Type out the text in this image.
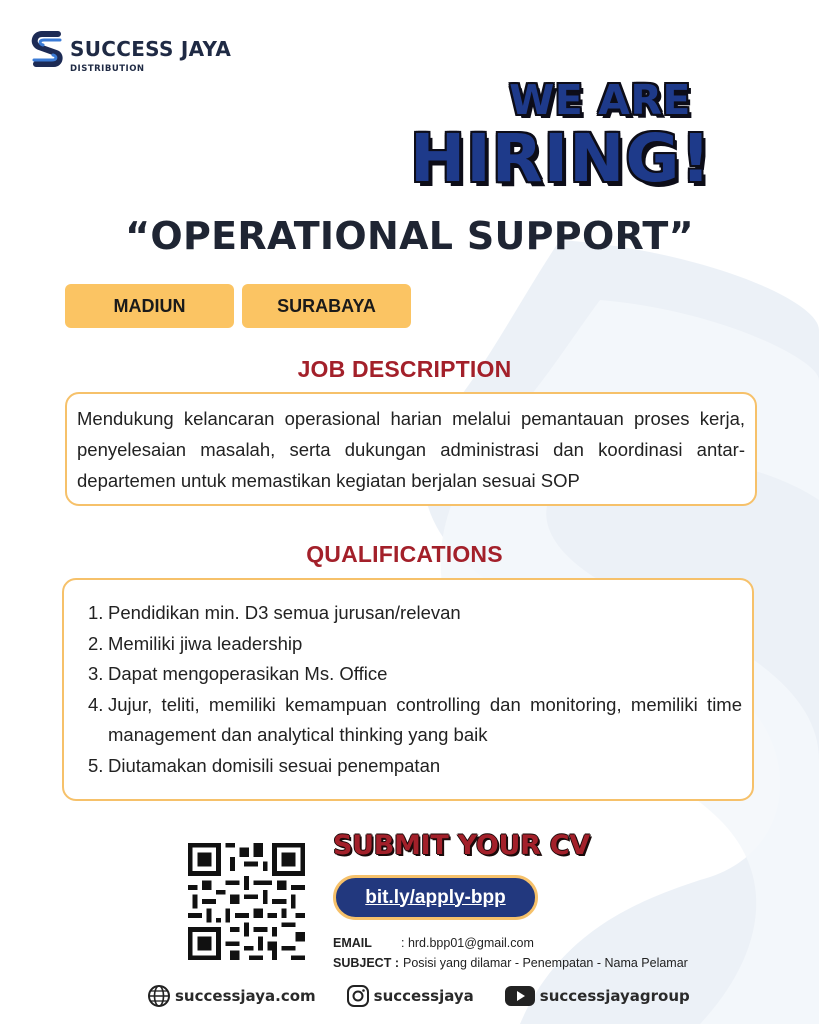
SUCCESS JAYA
DISTRIBUTION
WE ARE
HIRING!
“OPERATIONAL SUPPORT”
MADIUN	SURABAYA
JOB DESCRIPTION

Mendukung kelancaran operasional harian melalui pemantauan proses kerja, penyelesaian masalah, serta dukungan administrasi dan koordinasi antar-departemen untuk memastikan kegiatan berjalan sesuai SOP

QUALIFICATIONS
1. Pendidikan min. D3 semua jurusan/relevan
2. Memiliki jiwa leadership
3. Dapat mengoperasikan Ms. Office
4. Jujur, teliti, memiliki kemampuan controlling dan monitoring, memiliki time management dan analytical thinking yang baik
5. Diutamakan domisili sesuai penempatan
SUBMIT YOUR CV
bit.ly/apply-bpp
EMAIL	: hrd.bpp01@gmail.com
SUBJECT : Posisi yang dilamar - Penempatan - Nama Pelamar
successjaya.com	successjaya	successjayagroup
